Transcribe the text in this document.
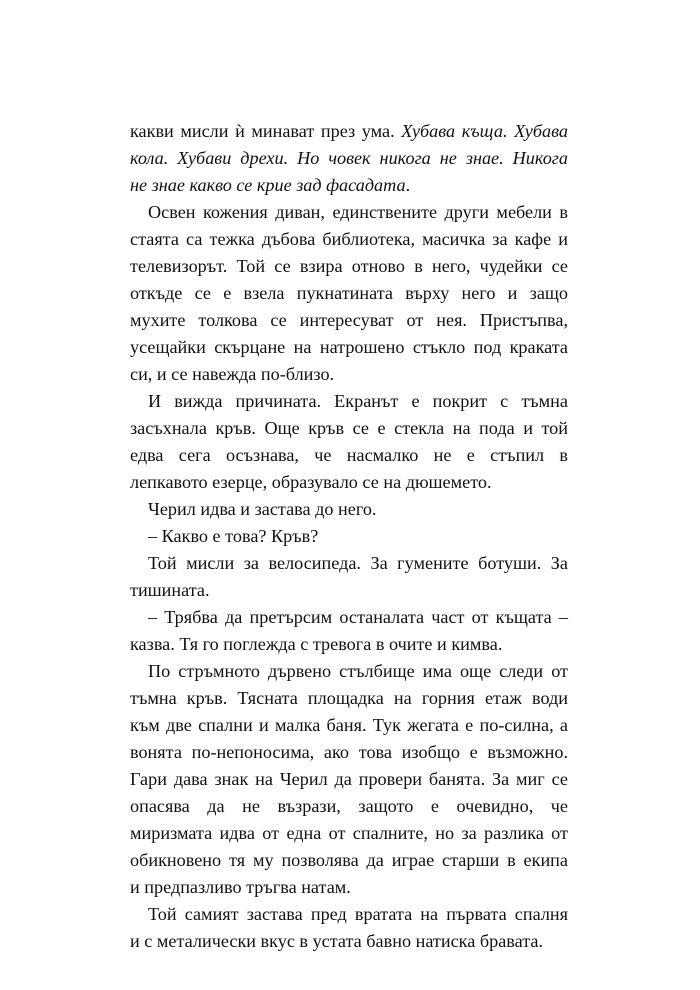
какви мисли ѝ минават през ума. Хубава къща. Хубава
кола. Хубави дрехи. Но човек никога не знае. Никога
не знае какво се крие зад фасадата.
Освен кожения диван, единствените други мебели в
стаята са тежка дъбова библиотека, масичка за кафе и
телевизорът. Той се взира отново в него, чудейки се
откъде се е взела пукнатината върху него и защо
мухите толкова се интересуват от нея. Пристъпва,
усещайки скърцане на натрошено стъкло под краката
си, и се навежда по-близо.
И вижда причината. Екранът е покрит с тъмна
засъхнала кръв. Още кръв се е стекла на пода и той
едва сега осъзнава, че насмалко не е стъпил в
лепкавото езерце, образувало се на дюшемето.
Черил идва и застава до него.
– Какво е това? Кръв?
Той мисли за велосипеда. За гумените ботуши. За
тишината.
– Трябва да претърсим останалата част от къщата –
казва. Тя го поглежда с тревога в очите и кимва.
По стръмното дървено стълбище има още следи от
тъмна кръв. Тясната площадка на горния етаж води
към две спални и малка баня. Тук жегата е по-силна, а
вонята по-непоносима, ако това изобщо е възможно.
Гари дава знак на Черил да провери банята. За миг се
опасява да не възрази, защото е очевидно, че
миризмата идва от една от спалните, но за разлика от
обикновено тя му позволява да играе старши в екипа
и предпазливо тръгва натам.
Той самият застава пред вратата на първата спалня
и с металически вкус в устата бавно натиска бравата.
